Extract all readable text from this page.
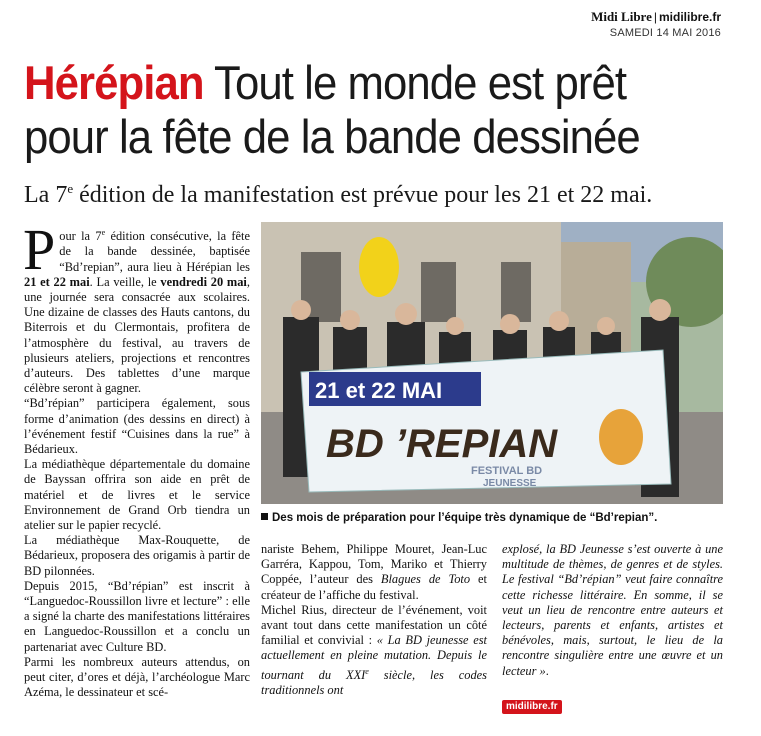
Midi Libre | midilibre.fr
SAMEDI 14 MAI 2016
Hérépian Tout le monde est prêt
pour la fête de la bande dessinée
La 7e édition de la manifestation est prévue pour les 21 et 22 mai.

Pour la 7e édition consécutive, la fête de la bande dessinée, baptisée “Bd’repian”, aura lieu à Hérépian les 21 et 22 mai. La veille, le vendredi 20 mai, une journée sera consacrée aux scolaires. Une dizaine de classes des Hauts cantons, du Biterrois et du Clermontais, profitera de l’atmosphère du festival, au travers de plusieurs ateliers, projections et rencontres d’auteurs. Des tablettes d’une marque célèbre seront à gagner.

“Bd’répian” participera également, sous forme d’animation (des dessins en direct) à l’événement festif “Cuisines dans la rue” à Bédarieux.

La médiathèque départementale du domaine de Bayssan offrira son aide en prêt de matériel et de livres et le service Environnement de Grand Orb tiendra un atelier sur le papier recyclé.

La médiathèque Max-Rouquette, de Bédarieux, proposera des origamis à partir de BD pilonnées.

Depuis 2015, “Bd’répian” est inscrit à “Languedoc-Roussillon livre et lecture” : elle a signé la charte des manifestations littéraires en Languedoc-Roussillon et a conclu un partenariat avec Culture BD.

Parmi les nombreux auteurs attendus, on peut citer, d’ores et déjà, l’archéologue Marc Azéma, le dessinateur et scé-

21 et 22 MAI
BD ’REPIAN
FESTIVAL BD
JEUNESSE
Des mois de préparation pour l’équipe très dynamique de “Bd’repian”.

nariste Behem, Philippe Mouret, Jean-Luc Garréra, Kappou, Tom, Mariko et Thierry Coppée, l’auteur des Blagues de Toto et créateur de l’affiche du festival.

Michel Rius, directeur de l’événement, voit avant tout dans cette manifestation un côté familial et convivial : « La BD jeunesse est actuellement en pleine mutation. Depuis le tournant du XXIe siècle, les codes traditionnels ont

explosé, la BD Jeunesse s’est ouverte à une multitude de thèmes, de genres et de styles. Le festival “Bd’répian” veut faire connaître cette richesse littéraire. En somme, il se veut un lieu de rencontre entre auteurs et lecteurs, parents et enfants, artistes et bénévoles, mais, surtout, le lieu de la rencontre singulière entre une œuvre et un lecteur ».

midilibre.fr
